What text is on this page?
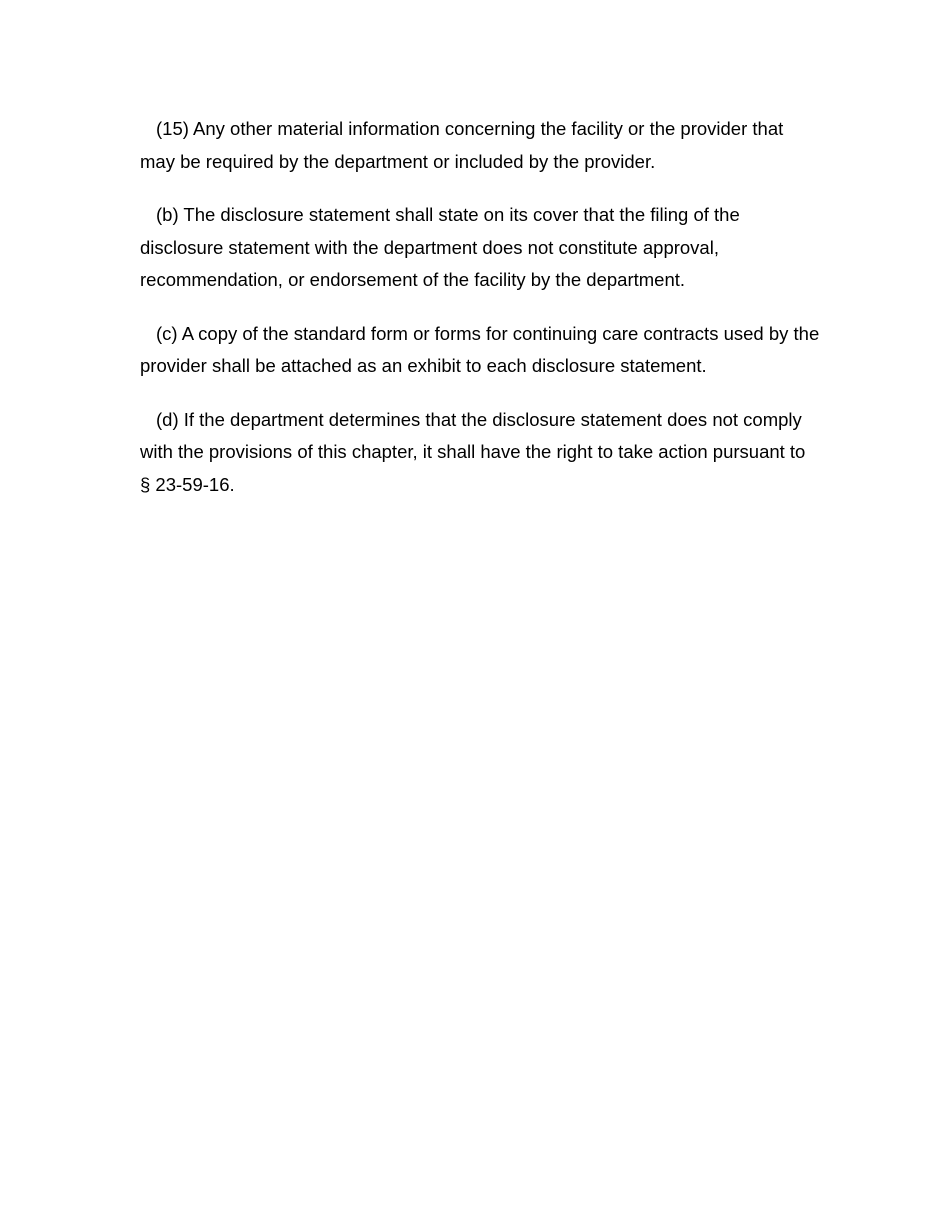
(15) Any other material information concerning the facility or the provider that may be required by the department or included by the provider.

(b) The disclosure statement shall state on its cover that the filing of the disclosure statement with the department does not constitute approval, recommendation, or endorsement of the facility by the department.

(c) A copy of the standard form or forms for continuing care contracts used by the provider shall be attached as an exhibit to each disclosure statement.

(d) If the department determines that the disclosure statement does not comply with the provisions of this chapter, it shall have the right to take action pursuant to § 23-59-16.
